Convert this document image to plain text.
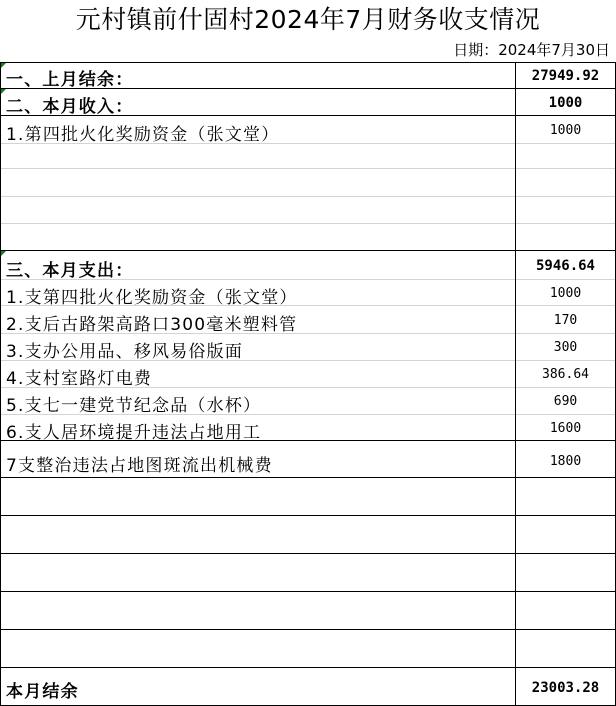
元村镇前什固村2024年7月财务收支情况
日期：2024年7月30日
一、上月结余：	27949.92
二、本月收入：	1000
1.第四批火化奖励资金（张文堂）	1000
三、本月支出：	5946.64
1.支第四批火化奖励资金（张文堂）	1000
2.支后古路架高路口300毫米塑料管	170
3.支办公用品、移风易俗版面	300
4.支村室路灯电费	386.64
5.支七一建党节纪念品（水杯）	690
6.支人居环境提升违法占地用工	1600
7支整治违法占地图斑流出机械费	1800
本月结余	23003.28
